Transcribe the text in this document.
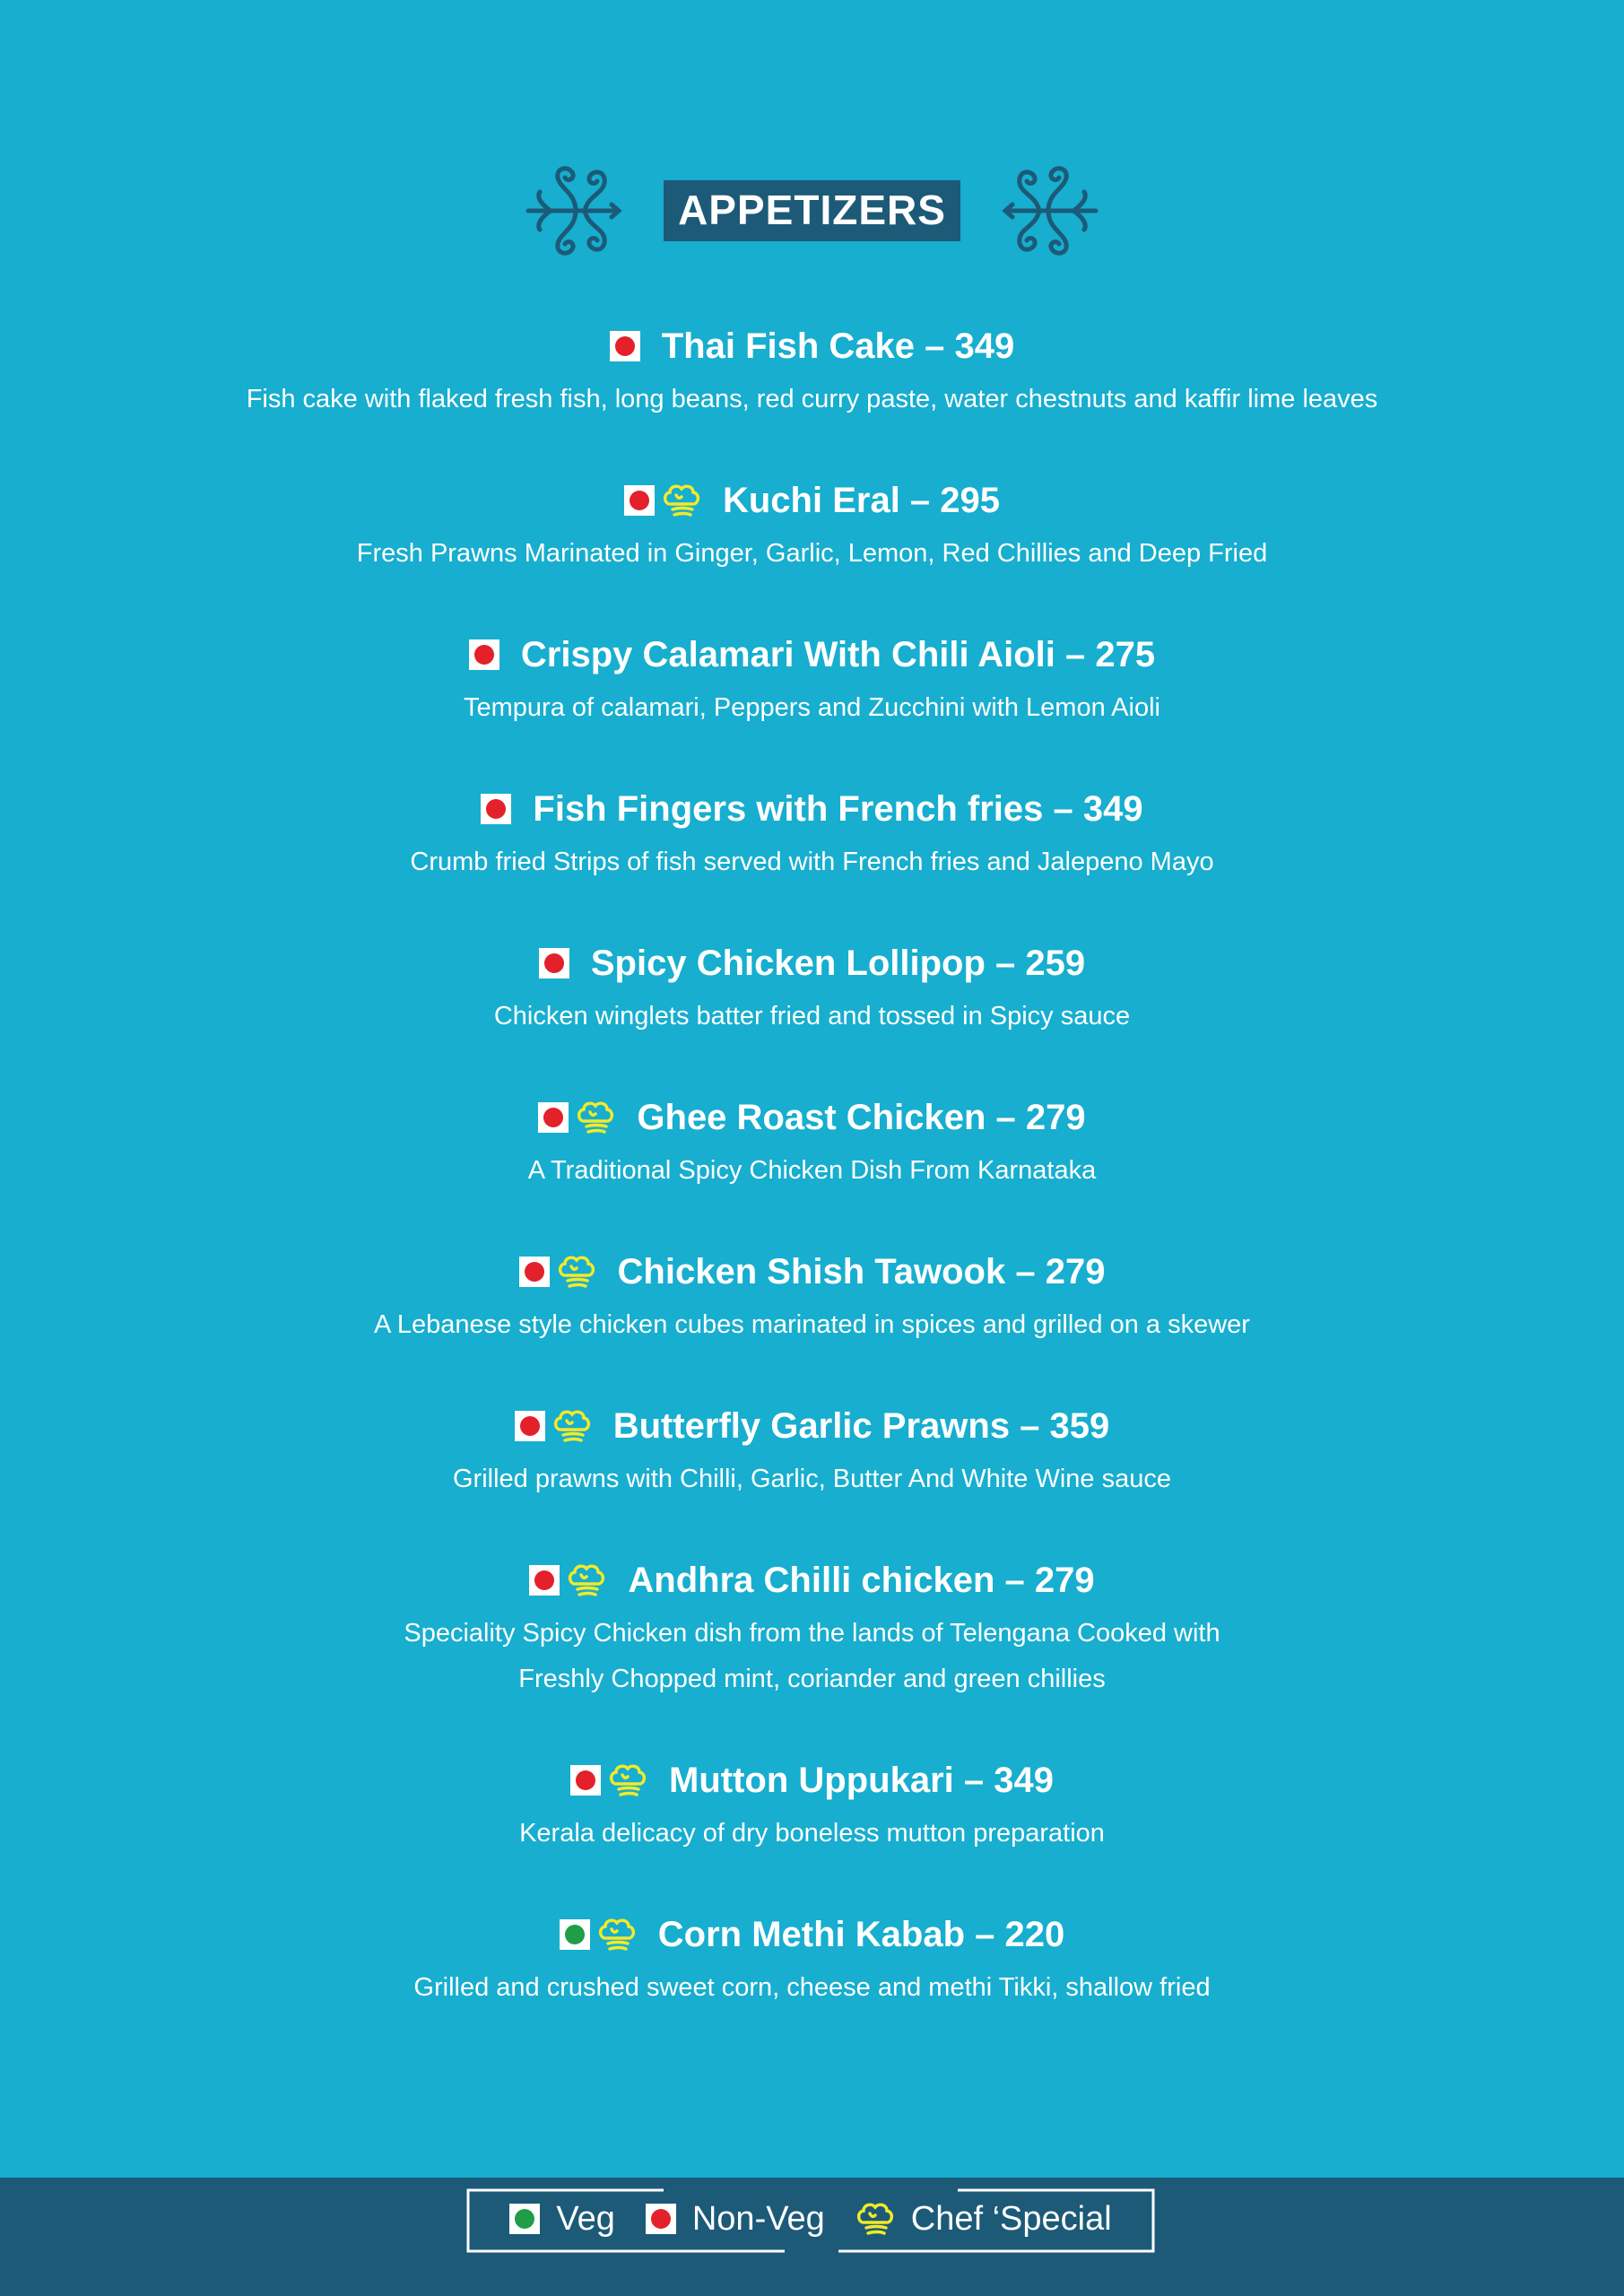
APPETIZERS
Thai Fish Cake – 349
Fish cake with flaked fresh fish, long beans, red curry paste, water chestnuts and kaffir lime leaves
Kuchi Eral – 295
Fresh Prawns Marinated in Ginger, Garlic, Lemon, Red Chillies and Deep Fried
Crispy Calamari With Chili Aioli – 275
Tempura of calamari, Peppers and Zucchini with Lemon Aioli
Fish Fingers with French fries – 349
Crumb fried Strips of fish served with French fries and Jalepeno Mayo
Spicy Chicken Lollipop – 259
Chicken winglets batter fried and tossed in Spicy sauce
Ghee Roast Chicken – 279
A Traditional Spicy Chicken Dish From Karnataka
Chicken Shish Tawook – 279
A Lebanese style chicken cubes marinated in spices and grilled on a skewer
Butterfly Garlic Prawns – 359
Grilled prawns with Chilli, Garlic, Butter And White Wine sauce
Andhra Chilli chicken – 279
Speciality Spicy Chicken dish from the lands of Telengana Cooked with
Freshly Chopped mint, coriander and green chillies
Mutton Uppukari – 349
Kerala delicacy of dry boneless mutton preparation
Corn Methi Kabab – 220
Grilled and crushed sweet corn, cheese and methi Tikki, shallow fried
Veg Non-Veg	Chef ‘Special
